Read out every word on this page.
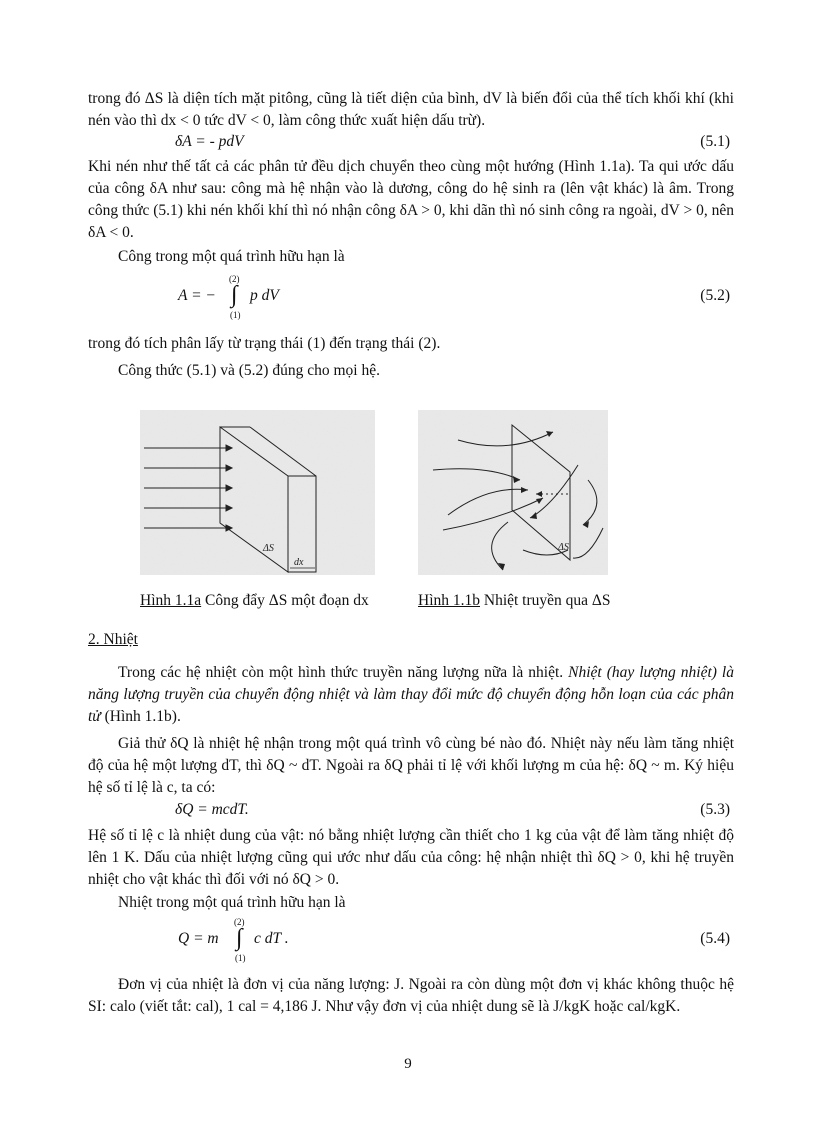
trong đó ΔS là diện tích mặt pitông, cũng là tiết diện của bình, dV là biến đổi của thể tích khối khí (khi nén vào thì dx < 0 tức dV < 0, làm công thức xuất hiện dấu trừ).

δA = - pdV	(5.1)

Khi nén như thế tất cả các phân tử đều dịch chuyển theo cùng một hướng (Hình 1.1a). Ta qui ước dấu của công δA như sau: công mà hệ nhận vào là dương, công do hệ sinh ra (lên vật khác) là âm. Trong công thức (5.1) khi nén khối khí thì nó nhận công δA > 0, khi dãn thì nó sinh công ra ngoài, dV > 0, nên δA < 0.

Công trong một quá trình hữu hạn là

A = −
(2)
∫
(1)
p dV	(5.2)

trong đó tích phân lấy từ trạng thái (1) đến trạng thái (2).

Công thức (5.1) và (5.2) đúng cho mọi hệ.

ΔS
dx
ΔS
Hình 1.1a Công đẩy ΔS một đoạn dx	Hình 1.1b Nhiệt truyền qua ΔS
2. Nhiệt

Trong các hệ nhiệt còn một hình thức truyền năng lượng nữa là nhiệt. Nhiệt (hay lượng nhiệt) là năng lượng truyền của chuyển động nhiệt và làm thay đổi mức độ chuyển động hỗn loạn của các phân tử (Hình 1.1b).

Giả thử δQ là nhiệt hệ nhận trong một quá trình vô cùng bé nào đó. Nhiệt này nếu làm tăng nhiệt độ của hệ một lượng dT, thì δQ ~ dT. Ngoài ra δQ phải tỉ lệ với khối lượng m của hệ: δQ ~ m. Ký hiệu hệ số tỉ lệ là c, ta có:

δQ = mcdT.	(5.3)

Hệ số tỉ lệ c là nhiệt dung của vật: nó bằng nhiệt lượng cần thiết cho 1 kg của vật để làm tăng nhiệt độ lên 1 K. Dấu của nhiệt lượng cũng qui ước như dấu của công: hệ nhận nhiệt thì δQ > 0, khi hệ truyền nhiệt cho vật khác thì đối với nó δQ > 0.

Nhiệt trong một quá trình hữu hạn là

Q = m
(2)
∫
(1)
c dT .	(5.4)

Đơn vị của nhiệt là đơn vị của năng lượng: J. Ngoài ra còn dùng một đơn vị khác không thuộc hệ SI: calo (viết tắt: cal), 1 cal = 4,186 J. Như vậy đơn vị của nhiệt dung sẽ là J/kgK hoặc cal/kgK.

9
